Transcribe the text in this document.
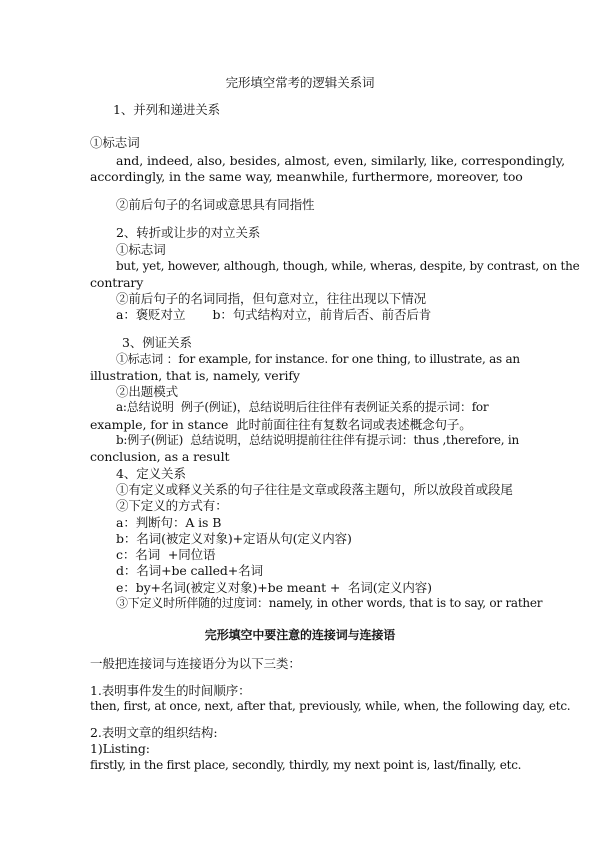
完形填空常考的逻辑关系词
1、并列和递进关系
①标志词
and, indeed, also, besides, almost, even, similarly, like, correspondingly,
accordingly, in the same way, meanwhile, furthermore, moreover, too
②前后句子的名词或意思具有同指性
2、转折或让步的对立关系
①标志词
but, yet, however, although, though, while, wheras, despite, by contrast, on the
contrary
②前后句子的名词同指，但句意对立，往往出现以下情况
a：褒贬对立       b：句式结构对立，前肯后否、前否后肯
3、例证关系
①标志词 ：for example, for instance. for one thing, to illustrate, as an
illustration, that is, namely, verify
②出题模式
a:总结说明  例子(例证)，总结说明后往往伴有表例证关系的提示词：for
example, for in stance  此时前面往往有复数名词或表述概念句子。
b:例子(例证)  总结说明，总结说明提前往往伴有提示词：thus ,therefore, in
conclusion, as a result
4、定义关系
①有定义或释义关系的句子往往是文章或段落主题句，所以放段首或段尾
②下定义的方式有：
a：判断句：A is B
b：名词(被定义对象)+定语从句(定义内容)
c：名词  +同位语
d：名词+be called+名词
e：by+名词(被定义对象)+be meant +  名词(定义内容)
③下定义时所伴随的过度词：namely, in other words, that is to say, or rather
完形填空中要注意的连接词与连接语
一般把连接词与连接语分为以下三类：
1.表明事件发生的时间顺序：
then, first, at once, next, after that, previously, while, when, the following day, etc.
2.表明文章的组织结构:
1)Listing:
firstly, in the first place, secondly, thirdly, my next point is, last/finally, etc.
